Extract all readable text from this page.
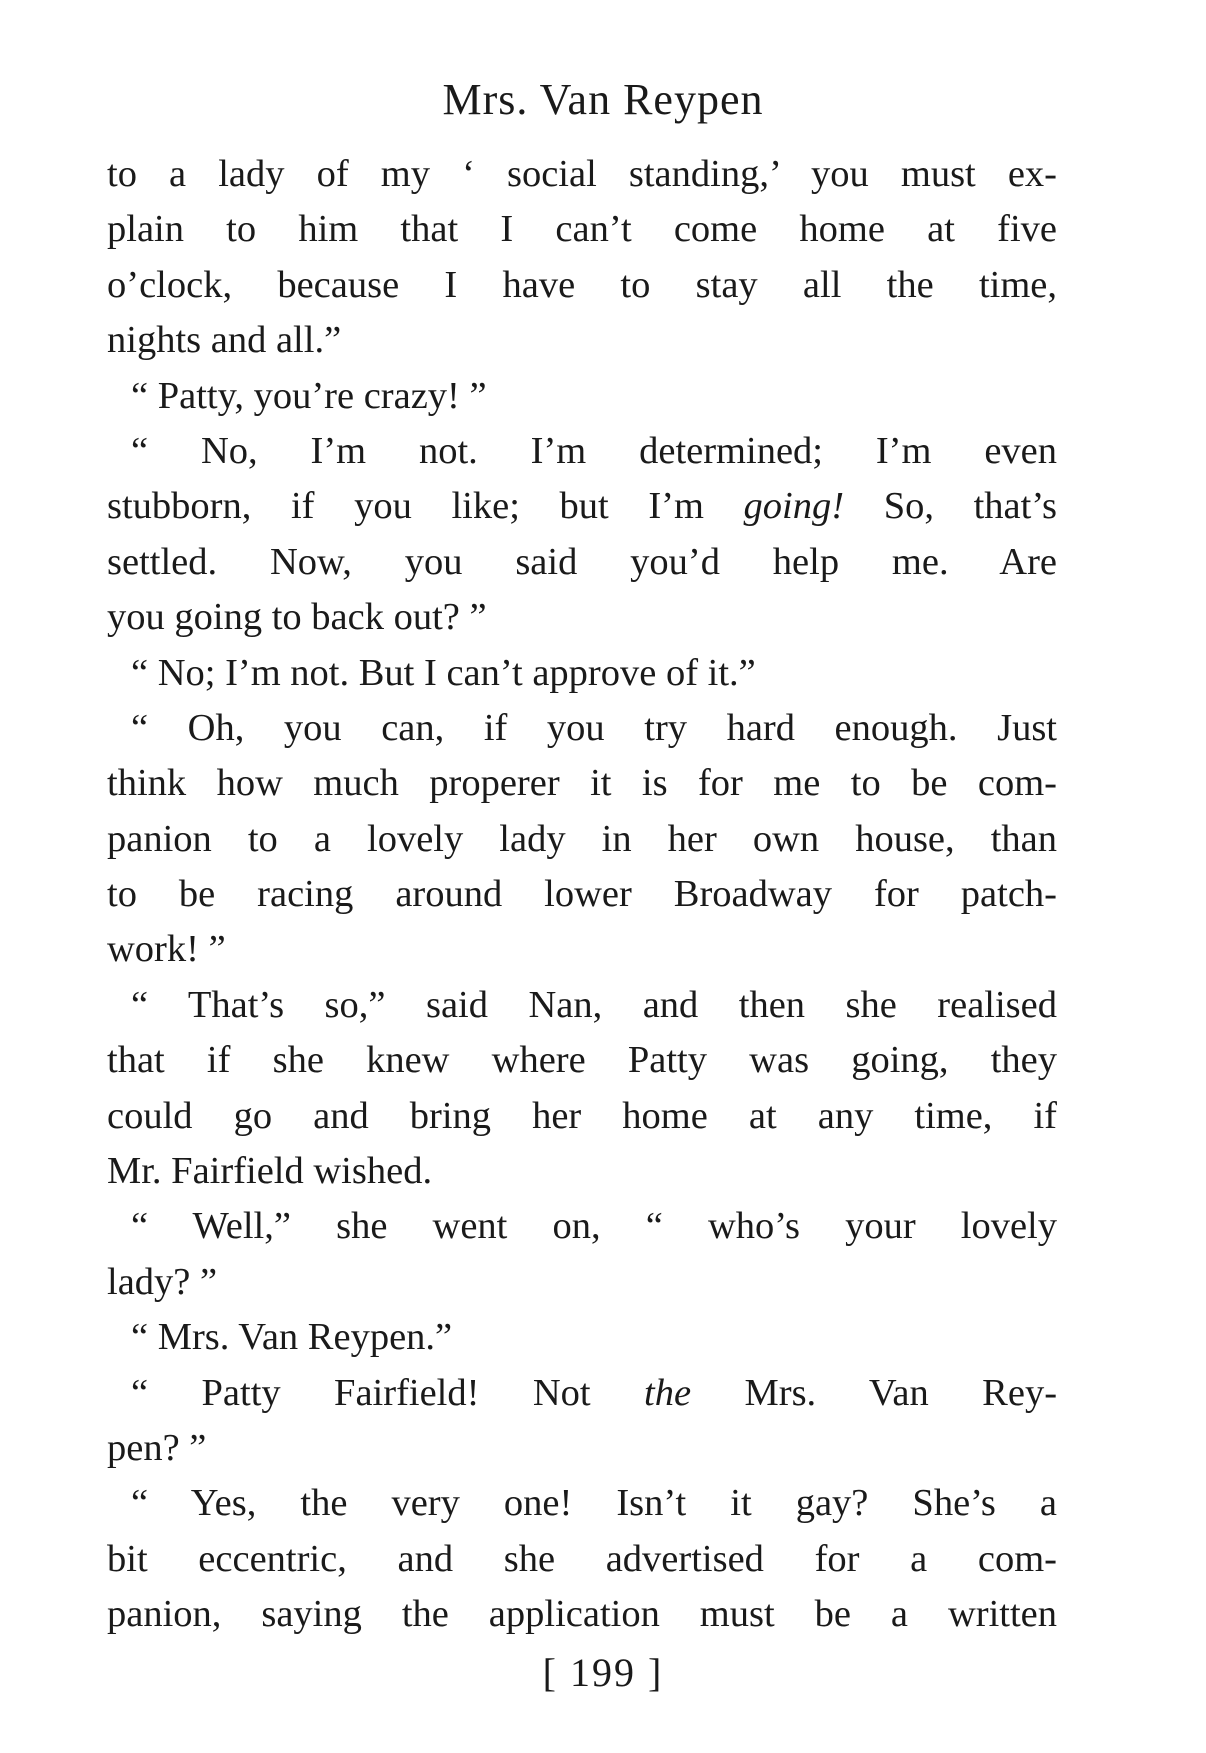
Mrs. Van Reypen
to a lady of my ‘ social standing,’ you must ex-
plain to him that I can’t come home at five
o’clock, because I have to stay all the time,
nights and all.”
“ Patty, you’re crazy! ”
“ No, I’m not. I’m determined; I’m even
stubborn, if you like; but I’m going! So, that’s
settled. Now, you said you’d help me. Are
you going to back out? ”
“ No; I’m not. But I can’t approve of it.”
“ Oh, you can, if you try hard enough. Just
think how much properer it is for me to be com-
panion to a lovely lady in her own house, than
to be racing around lower Broadway for patch-
work! ”
“ That’s so,” said Nan, and then she realised
that if she knew where Patty was going, they
could go and bring her home at any time, if
Mr. Fairfield wished.
“ Well,” she went on, “ who’s your lovely
lady? ”
“ Mrs. Van Reypen.”
“ Patty Fairfield! Not the Mrs. Van Rey-
pen? ”
“ Yes, the very one! Isn’t it gay? She’s a
bit eccentric, and she advertised for a com-
panion, saying the application must be a written
[ 199 ]
